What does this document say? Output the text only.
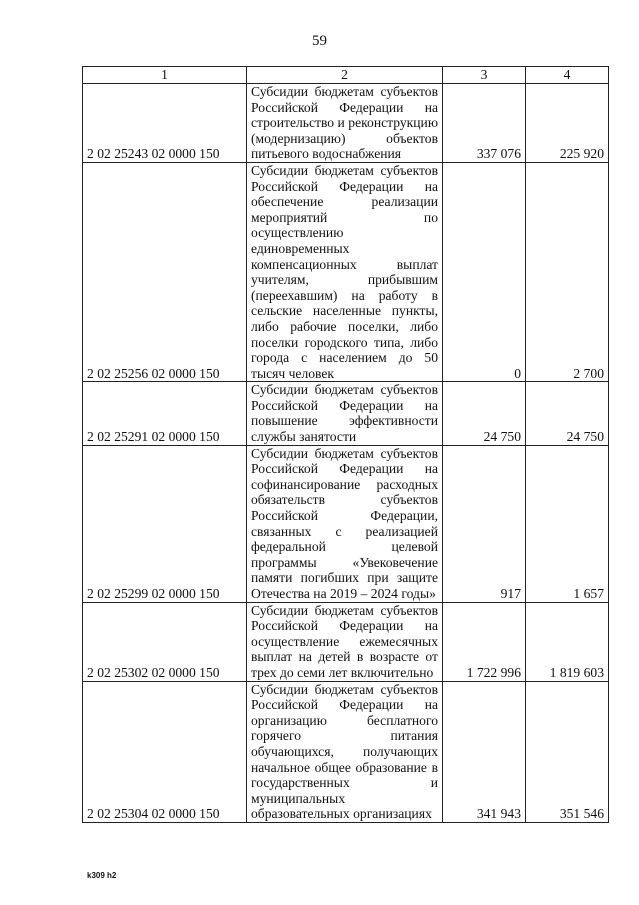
59
1	2	3	4
2 02 25243 02 0000 150	Субсидии бюджетам субъектов Российской Федерации на строительство и реконструкцию (модернизацию) объектов питьевого водоснабжения	337 076	225 920
2 02 25256 02 0000 150	Субсидии бюджетам субъектов Российской Федерации на обеспечение реализации мероприятий по осуществлению единовременных компенсационных выплат учителям, прибывшим (переехавшим) на работу в сельские населенные пункты, либо рабочие поселки, либо поселки городского типа, либо города с населением до 50 тысяч человек	0	2 700
2 02 25291 02 0000 150	Субсидии бюджетам субъектов Российской Федерации на повышение эффективности службы занятости	24 750	24 750
2 02 25299 02 0000 150	Субсидии бюджетам субъектов Российской Федерации на софинансирование расходных обязательств субъектов Российской Федерации, связанных с реализацией федеральной целевой программы «Увековечение памяти погибших при защите Отечества на 2019 – 2024 годы»	917	1 657
2 02 25302 02 0000 150	Субсидии бюджетам субъектов Российской Федерации на осуществление ежемесячных выплат на детей в возрасте от трех до семи лет включительно	1 722 996	1 819 603
2 02 25304 02 0000 150	Субсидии бюджетам субъектов Российской Федерации на организацию бесплатного горячего питания обучающихся, получающих начальное общее образование в государственных и муниципальных образовательных организациях	341 943	351 546
k309 h2
